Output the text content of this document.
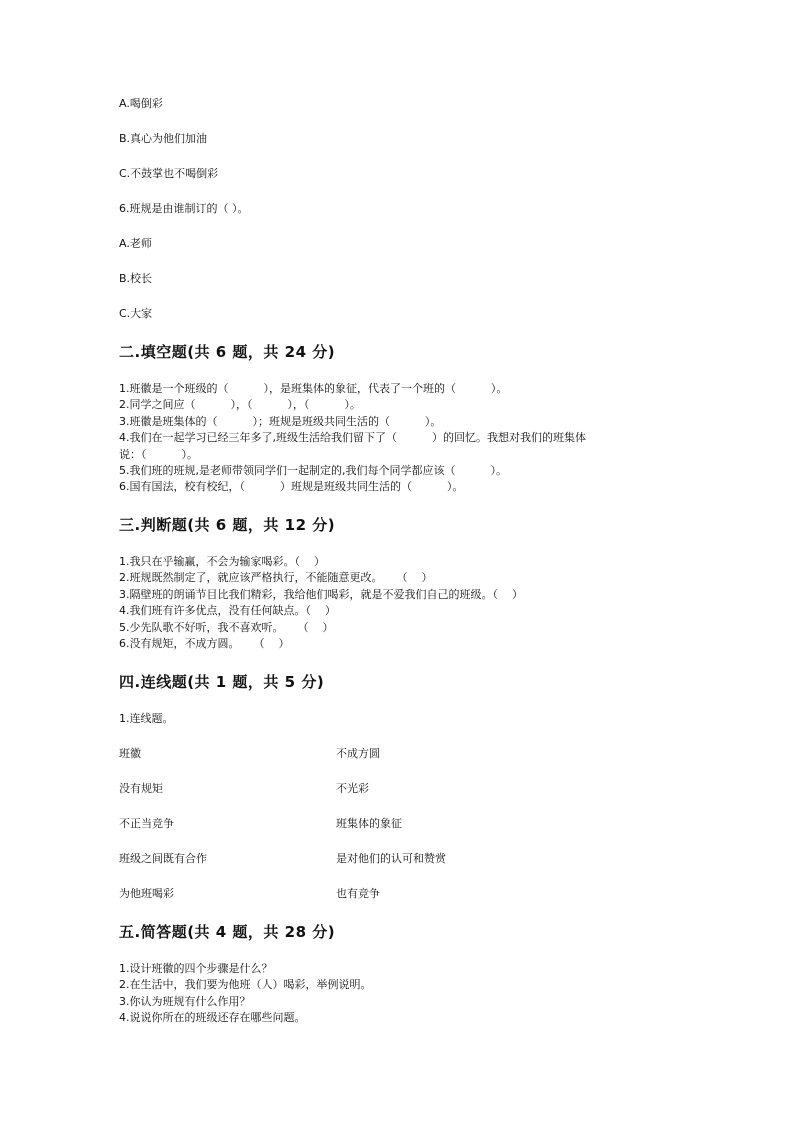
A.喝倒彩
B.真心为他们加油
C.不鼓掌也不喝倒彩
6.班规是由谁制订的（ ）。
A.老师
B.校长
C.大家
二.填空题(共 6 题，共 24 分)
1.班徽是一个班级的（          ），是班集体的象征，代表了一个班的（          ）。
2.同学之间应（          ），（          ），（          ）。
3.班徽是班集体的（          ）；班规是班级共同生活的（          ）。
4.我们在一起学习已经三年多了,班级生活给我们留下了（          ）的回忆。我想对我们的班集体
说：（          ）。
5.我们班的班规,是老师带领同学们一起制定的,我们每个同学都应该（          ）。
6.国有国法，校有校纪，（          ）班规是班级共同生活的（          ）。
三.判断题(共 6 题，共 12 分)
1.我只在乎输赢，不会为输家喝彩。（    ）
2.班规既然制定了，就应该严格执行，不能随意更改。    （    ）
3.隔壁班的朗诵节目比我们精彩，我给他们喝彩，就是不爱我们自己的班级。（    ）
4.我们班有许多优点，没有任何缺点。（    ）
5.少先队歌不好听，我不喜欢听。    （    ）
6.没有规矩，不成方圆。    （    ）
四.连线题(共 1 题，共 5 分)
1.连线题。
班徽	不成方圆
没有规矩	不光彩
不正当竞争	班集体的象征
班级之间既有合作	是对他们的认可和赞赏
为他班喝彩	也有竞争
五.简答题(共 4 题，共 28 分)
1.设计班徽的四个步骤是什么？
2.在生活中，我们要为他班（人）喝彩，举例说明。
3.你认为班规有什么作用？
4.说说你所在的班级还存在哪些问题。
